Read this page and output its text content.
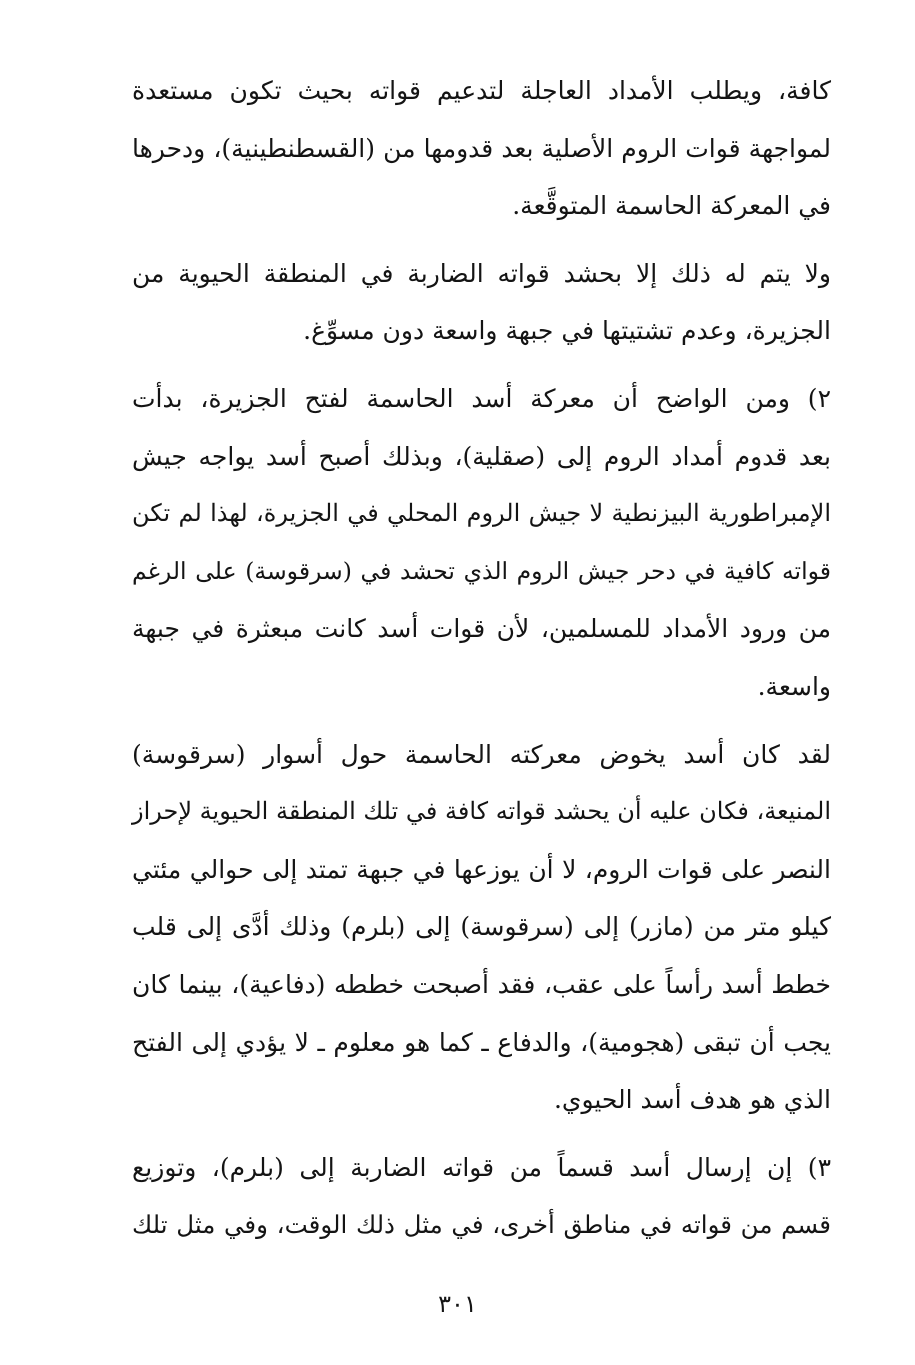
كافة، ويطلب الأمداد العاجلة لتدعيم قواته بحيث تكون مستعدة
لمواجهة قوات الروم الأصلية بعد قدومها من (القسطنطينية)، ودحرها
في المعركة الحاسمة المتوقَّعة.
ولا يتم له ذلك إلا بحشد قواته الضاربة في المنطقة الحيوية من
الجزيرة، وعدم تشتيتها في جبهة واسعة دون مسوِّغ.
٢) ومن الواضح أن معركة أسد الحاسمة لفتح الجزيرة، بدأت
بعد قدوم أمداد الروم إلى (صقلية)، وبذلك أصبح أسد يواجه جيش
الإمبراطورية البيزنطية لا جيش الروم المحلي في الجزيرة، لهذا لم تكن
قواته كافية في دحر جيش الروم الذي تحشد في (سرقوسة) على الرغم
من ورود الأمداد للمسلمين، لأن قوات أسد كانت مبعثرة في جبهة
واسعة.
لقد كان أسد يخوض معركته الحاسمة حول أسوار (سرقوسة)
المنيعة، فكان عليه أن يحشد قواته كافة في تلك المنطقة الحيوية لإحراز
النصر على قوات الروم، لا أن يوزعها في جبهة تمتد إلى حوالي مئتي
كيلو متر من (مازر) إلى (سرقوسة) إلى (بلرم) وذلك أدَّى إلى قلب
خطط أسد رأساً على عقب، فقد أصبحت خططه (دفاعية)، بينما كان
يجب أن تبقى (هجومية)، والدفاع ـ كما هو معلوم ـ لا يؤدي إلى الفتح
الذي هو هدف أسد الحيوي.
٣) إن إرسال أسد قسماً من قواته الضاربة إلى (بلرم)، وتوزيع
قسم من قواته في مناطق أخرى، في مثل ذلك الوقت، وفي مثل تلك
٣٠١
